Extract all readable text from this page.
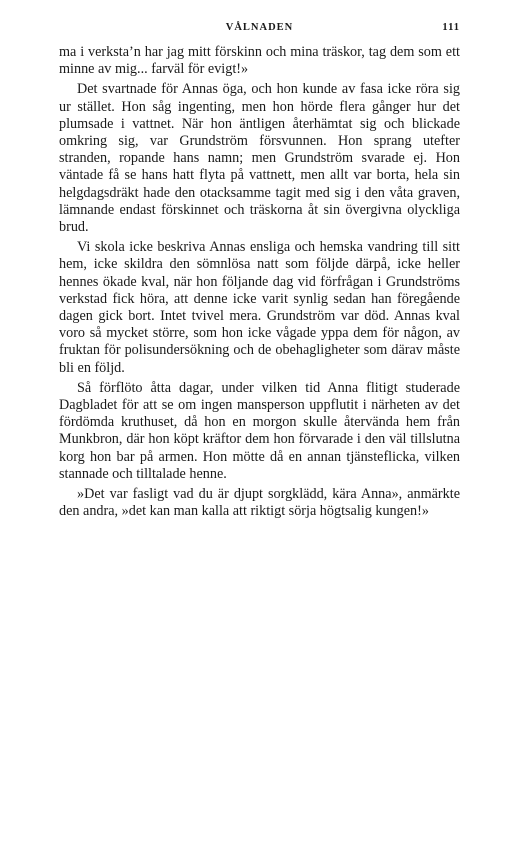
VÅLNADEN	111

ma i verksta’n har jag mitt förskinn och mina träskor, tag dem som ett minne av mig... farväl för evigt!»

Det svartnade för Annas öga, och hon kunde av fasa icke röra sig ur stället. Hon såg ingenting, men hon hörde flera gånger hur det plumsade i vattnet. När hon äntligen återhämtat sig och blickade omkring sig, var Grundström försvunnen. Hon sprang utefter stranden, ropande hans namn; men Grundström svarade ej. Hon väntade få se hans hatt flyta på vattnett, men allt var borta, hela sin helgdagsdräkt hade den otacksamme tagit med sig i den våta graven, lämnande endast förskinnet och träskorna åt sin övergivna olyckliga brud.

Vi skola icke beskriva Annas ensliga och hemska vandring till sitt hem, icke skildra den sömnlösa natt som följde därpå, icke heller hennes ökade kval, när hon följande dag vid förfrågan i Grundströms verkstad fick höra, att denne icke varit synlig sedan han föregående dagen gick bort. Intet tvivel mera. Grundström var död. Annas kval voro så mycket större, som hon icke vågade yppa dem för någon, av fruktan för polisundersökning och de obehagligheter som därav måste bli en följd.

Så förflöto åtta dagar, under vilken tid Anna flitigt studerade Dagbladet för att se om ingen mansperson uppflutit i närheten av det fördömda kruthuset, då hon en morgon skulle återvända hem från Munkbron, där hon köpt kräftor dem hon förvarade i den väl tillslutna korg hon bar på armen. Hon mötte då en annan tjänsteflicka, vilken stannade och tilltalade henne.

»Det var fasligt vad du är djupt sorgklädd, kära Anna», anmärkte den andra, »det kan man kalla att riktigt sörja högtsalig kungen!»
